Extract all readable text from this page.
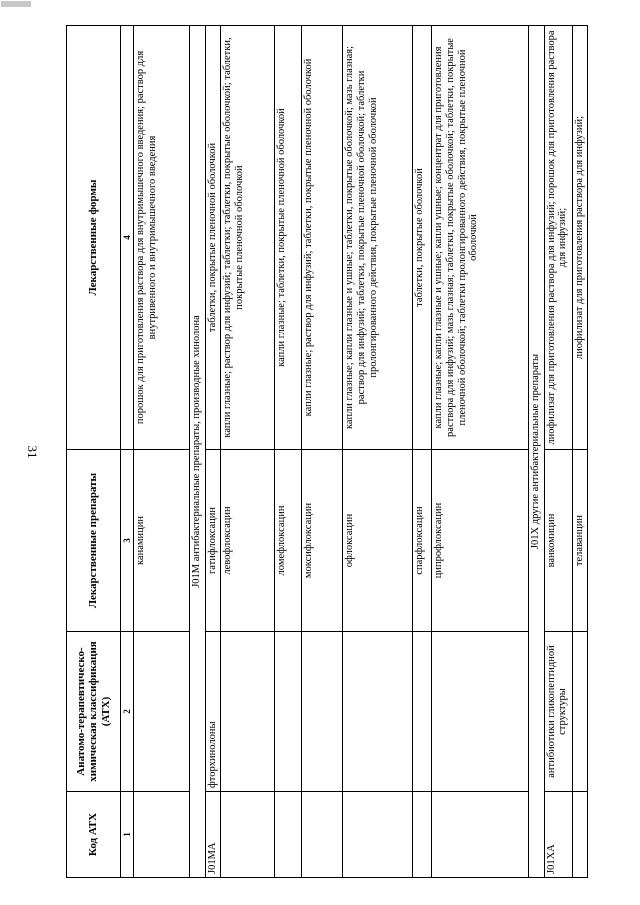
31
Код АТХ	Анатомо-терапевтическо-химическая классификация (АТХ)	Лекарственные препараты	Лекарственные формы
1	2	3	4
		канамицин	порошок для приготовления раствора для внутримышечного введения; раствор для внутривенного и внутримышечного введения
J01M антибактериальные препараты, производные хинолона			
J01MA	фторхинолоны	гатифлоксацин	таблетки, покрытые пленочной оболочкой
		левофлоксацин	капли глазные; раствор для инфузий; таблетки; таблетки, покрытые оболочкой; таблетки, покрытые пленочной оболочкой
		ломефлоксацин	капли глазные; таблетки, покрытые пленочной оболочкой
		моксифлоксацин	капли глазные; раствор для инфузий; таблетки, покрытые пленочной оболочкой
		офлоксацин	капли глазные; капли глазные и ушные; таблетки, покрытые оболочкой; мазь глазная; раствор для инфузий; таблетки, покрытые пленочной оболочкой; таблетки пролонгированного действия, покрытые пленочной оболочкой
		спарфлоксацин	таблетки, покрытые оболочкой
		ципрофлоксацин	капли глазные; капли глазные и ушные; капли ушные; концентрат для приготовления раствора для инфузий; мазь глазная; таблетки, покрытые оболочкой; таблетки, покрытые пленочной оболочкой; таблетки пролонгированного действия, покрытые пленочной оболочкой
J01X другие антибактериальные препараты			
J01XA	антибиотики гликопептидной структуры	ванкомицин	лиофилизат для приготовления раствора для инфузий; порошок для приготовления раствора для инфузий;
		телаванцин	лиофилизат для приготовления раствора для инфузий;
